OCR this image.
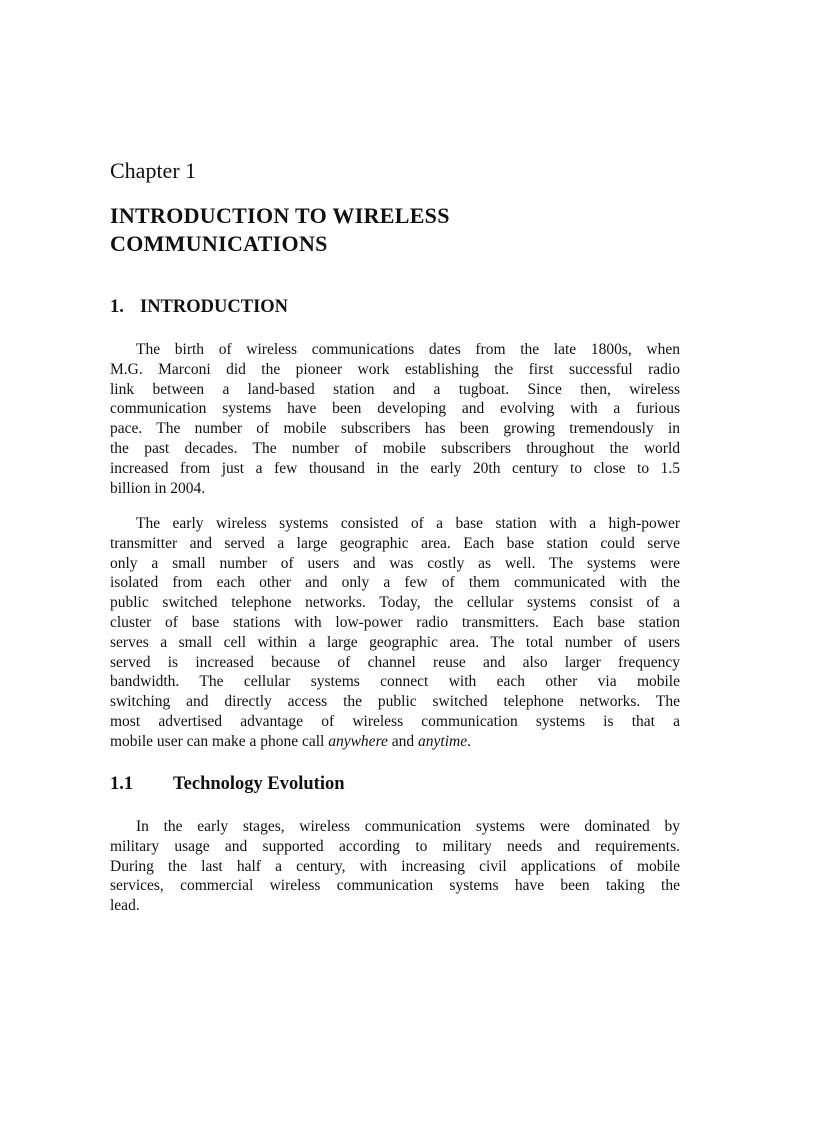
Chapter 1
INTRODUCTION TO WIRELESS
COMMUNICATIONS
1. INTRODUCTION

The birth of wireless communications dates from the late 1800s, when
M.G. Marconi did the pioneer work establishing the first successful radio
link between a land-based station and a tugboat. Since then, wireless
communication systems have been developing and evolving with a furious
pace. The number of mobile subscribers has been growing tremendously in
the past decades. The number of mobile subscribers throughout the world
increased from just a few thousand in the early 20th century to close to 1.5
billion in 2004.

The early wireless systems consisted of a base station with a high-power
transmitter and served a large geographic area. Each base station could serve
only a small number of users and was costly as well. The systems were
isolated from each other and only a few of them communicated with the
public switched telephone networks. Today, the cellular systems consist of a
cluster of base stations with low-power radio transmitters. Each base station
serves a small cell within a large geographic area. The total number of users
served is increased because of channel reuse and also larger frequency
bandwidth. The cellular systems connect with each other via mobile
switching and directly access the public switched telephone networks. The
most advertised advantage of wireless communication systems is that a
mobile user can make a phone call anywhere and anytime.

1.1 Technology Evolution

In the early stages, wireless communication systems were dominated by
military usage and supported according to military needs and requirements.
During the last half a century, with increasing civil applications of mobile
services, commercial wireless communication systems have been taking the
lead.
